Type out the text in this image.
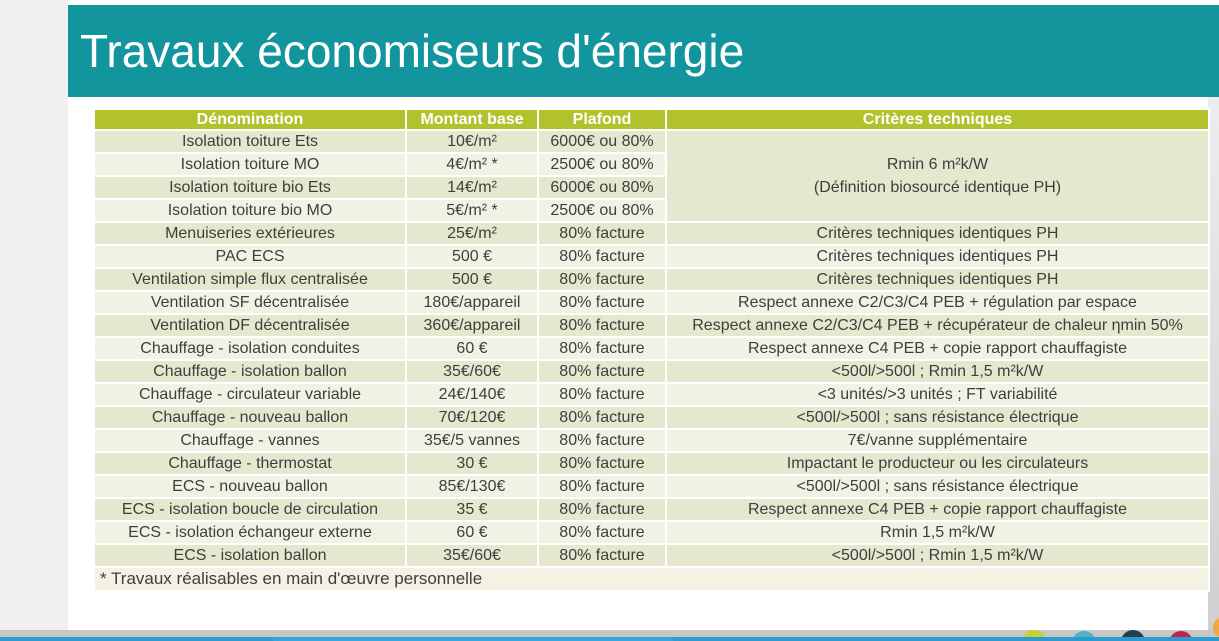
Travaux économiseurs d'énergie
Dénomination	Montant base	Plafond	Critères techniques
Isolation toiture Ets	10€/m²	6000€ ou 80%	Rmin 6 m²k/W
(Définition biosourcé identique PH)

Isolation toiture MO	4€/m² *	2500€ ou 80%	
Isolation toiture bio Ets	14€/m²	6000€ ou 80%	
Isolation toiture bio MO	5€/m² *	2500€ ou 80%	
Menuiseries extérieures	25€/m²	80% facture	Critères techniques identiques PH
PAC ECS	500 €	80% facture	Critères techniques identiques PH
Ventilation simple flux centralisée	500 €	80% facture	Critères techniques identiques PH
Ventilation SF décentralisée	180€/appareil	80% facture	Respect annexe C2/C3/C4 PEB + régulation par espace
Ventilation DF décentralisée	360€/appareil	80% facture	Respect annexe C2/C3/C4 PEB + récupérateur de chaleur ηmin 50%
Chauffage - isolation conduites	60 €	80% facture	Respect annexe C4 PEB + copie rapport chauffagiste
Chauffage - isolation ballon	35€/60€	80% facture	<500l/>500l ; Rmin 1,5 m²k/W
Chauffage - circulateur variable	24€/140€	80% facture	<3 unités/>3 unités ; FT variabilité
Chauffage - nouveau ballon	70€/120€	80% facture	<500l/>500l ; sans résistance électrique
Chauffage - vannes	35€/5 vannes	80% facture	7€/vanne supplémentaire
Chauffage - thermostat	30 €	80% facture	Impactant le producteur ou les circulateurs
ECS - nouveau ballon	85€/130€	80% facture	<500l/>500l ; sans résistance électrique
ECS - isolation boucle de circulation	35 €	80% facture	Respect annexe C4 PEB + copie rapport chauffagiste
ECS - isolation échangeur externe	60 €	80% facture	Rmin 1,5 m²k/W
ECS - isolation ballon	35€/60€	80% facture	<500l/>500l ; Rmin 1,5 m²k/W
* Travaux réalisables en main d'œuvre personnelle			
